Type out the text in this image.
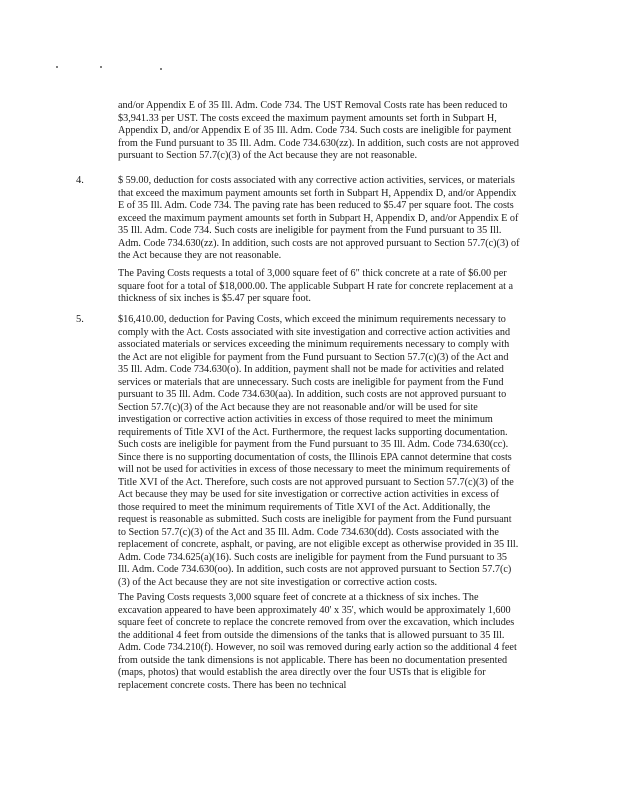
and/or Appendix E of 35 Ill. Adm. Code 734. The UST Removal Costs rate has been reduced to $3,941.33 per UST. The costs exceed the maximum payment amounts set forth in Subpart H, Appendix D, and/or Appendix E of 35 Ill. Adm. Code 734. Such costs are ineligible for payment from the Fund pursuant to 35 Ill. Adm. Code 734.630(zz). In addition, such costs are not approved pursuant to Section 57.7(c)(3) of the Act because they are not reasonable.

4.	$ 59.00, deduction for costs associated with any corrective action activities, services, or materials that exceed the maximum payment amounts set forth in Subpart H, Appendix D, and/or Appendix E of 35 Ill. Adm. Code 734. The paving rate has been reduced to $5.47 per square foot. The costs exceed the maximum payment amounts set forth in Subpart H, Appendix D, and/or Appendix E of 35 Ill. Adm. Code 734. Such costs are ineligible for payment from the Fund pursuant to 35 Ill. Adm. Code 734.630(zz). In addition, such costs are not approved pursuant to Section 57.7(c)(3) of the Act because they are not reasonable.

The Paving Costs requests a total of 3,000 square feet of 6" thick concrete at a rate of $6.00 per square foot for a total of $18,000.00. The applicable Subpart H rate for concrete replacement at a thickness of six inches is $5.47 per square foot.

5.	$16,410.00, deduction for Paving Costs, which exceed the minimum requirements necessary to comply with the Act. Costs associated with site investigation and corrective action activities and associated materials or services exceeding the minimum requirements necessary to comply with the Act are not eligible for payment from the Fund pursuant to Section 57.7(c)(3) of the Act and 35 Ill. Adm. Code 734.630(o). In addition, payment shall not be made for activities and related services or materials that are unnecessary. Such costs are ineligible for payment from the Fund pursuant to 35 Ill. Adm. Code 734.630(aa). In addition, such costs are not approved pursuant to Section 57.7(c)(3) of the Act because they are not reasonable and/or will be used for site investigation or corrective action activities in excess of those required to meet the minimum requirements of Title XVI of the Act. Furthermore, the request lacks supporting documentation. Such costs are ineligible for payment from the Fund pursuant to 35 Ill. Adm. Code 734.630(cc). Since there is no supporting documentation of costs, the Illinois EPA cannot determine that costs will not be used for activities in excess of those necessary to meet the minimum requirements of Title XVI of the Act. Therefore, such costs are not approved pursuant to Section 57.7(c)(3) of the Act because they may be used for site investigation or corrective action activities in excess of those required to meet the minimum requirements of Title XVI of the Act. Additionally, the request is reasonable as submitted. Such costs are ineligible for payment from the Fund pursuant to Section 57.7(c)(3) of the Act and 35 Ill. Adm. Code 734.630(dd). Costs associated with the replacement of concrete, asphalt, or paving, are not eligible except as otherwise provided in 35 Ill. Adm. Code 734.625(a)(16). Such costs are ineligible for payment from the Fund pursuant to 35 Ill. Adm. Code 734.630(oo). In addition, such costs are not approved pursuant to Section 57.7(c)(3) of the Act because they are not site investigation or corrective action costs.

The Paving Costs requests 3,000 square feet of concrete at a thickness of six inches. The excavation appeared to have been approximately 40' x 35', which would be approximately 1,600 square feet of concrete to replace the concrete removed from over the excavation, which includes the additional 4 feet from outside the dimensions of the tanks that is allowed pursuant to 35 Ill. Adm. Code 734.210(f). However, no soil was removed during early action so the additional 4 feet from outside the tank dimensions is not applicable. There has been no documentation presented (maps, photos) that would establish the area directly over the four USTs that is eligible for replacement concrete costs. There has been no technical
